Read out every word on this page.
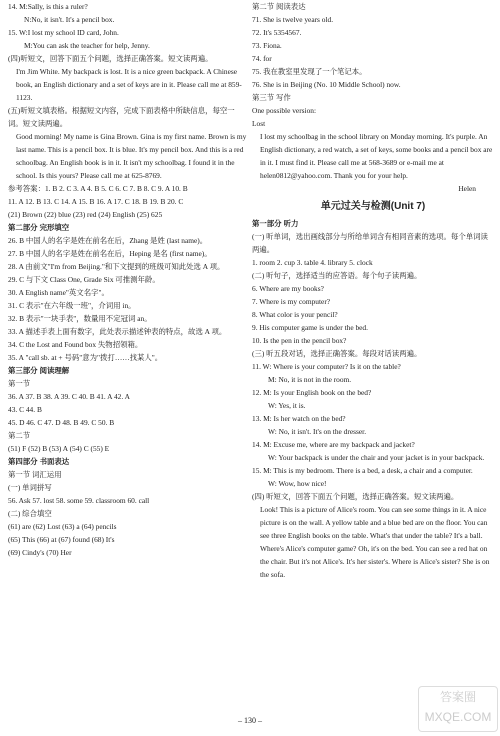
14. M:Sally, is this a ruler?
N:No, it isn't. It's a pencil box.
15. W:I lost my school ID card, John.
M:You can ask the teacher for help, Jenny.
(四)听短文，回答下面五个问题，选择正确答案。短文读两遍。
I'm Jim White. My backpack is lost. It is a nice green backpack. A Chinese book, an English dictionary and a set of keys are in it. Please call me at 859-1123.
(五)听短文填表格。根据短文内容，完成下面表格中所缺信息，每空一词。短文读两遍。
Good morning! My name is Gina Brown. Gina is my first name. Brown is my last name. This is a pencil box. It is blue. It's my pencil box. And this is a red schoolbag. An English book is in it. It isn't my schoolbag. I found it in the school. Is this yours? Please call me at 625-8769.
参考答案：1. B 2. C 3. A 4. B 5. C 6. C 7. B 8. C 9. A 10. B
11. A 12. B 13. C 14. A 15. B 16. A 17. C 18. B 19. B 20. C
(21) Brown (22) blue (23) red (24) English (25) 625
第二部分 完形填空
26. B 中国人的名字是姓在前名在后，Zhang 是姓 (last name)。
27. B 中国人的名字是姓在前名在后，Heping 是名 (first name)。
28. A 由前文"I'm from Beijing."和下文提到的班级可知此处选 A 项。
29. C 与下文 Class One, Grade Six 可推测年龄。
30. A English name"英文名字"。
31. C 表示"在六年级一班"，介词用 in。
32. B 表示"一块手表"，数量用不定冠词 an。
33. A 描述手表上面有数字，此处表示描述钟表的特点，故选 A 项。
34. C the Lost and Found box 失物招领箱。
35. A "call sb. at + 号码"意为"拨打……找某人"。
第三部分 阅读理解
第一节
36. A 37. B 38. A 39. C 40. B 41. A 42. A
43. C 44. B
45. D 46. C 47. D 48. B 49. C 50. B
第二节
(51) F (52) B (53) A (54) C (55) E
第四部分 书面表达
第一节 词汇运用
(一) 单词拼写
56. Ask 57. lost 58. some 59. classroom 60. call
(二) 综合填空
(61) are (62) Lost (63) a (64) pencils
(65) This (66) at (67) found (68) It's
(69) Cindy's (70) Her
第二节 阅读表达
71. She is twelve years old.
72. It's 5354567.
73. Fiona.
74. for
75. 我在教室里发现了一个笔记本。
76. She is in Beijing (No. 10 Middle School) now.
第三节 写作
One possible version:
Lost
I lost my schoolbag in the school library on Monday morning. It's purple. An English dictionary, a red watch, a set of keys, some books and a pencil box are in it. I must find it. Please call me at 568-3689 or e-mail me at helen0812@yahoo.com. Thank you for your help.
Helen
单元过关与检测(Unit 7)
第一部分 听力
(一) 听单词，选出画线部分与所给单词含有相同音素的选项。每个单词读两遍。
1. room 2. cup 3. table 4. library 5. clock
(二) 听句子，选择适当的应答语。每个句子读两遍。
6. Where are my books?
7. Where is my computer?
8. What color is your pencil?
9. His computer game is under the bed.
10. Is the pen in the pencil box?
(三) 听五段对话，选择正确答案。每段对话读两遍。
11. W: Where is your computer? Is it on the table?
M: No, it is not in the room.
12. M: Is your English book on the bed?
W: Yes, it is.
13. M: Is her watch on the bed?
W: No, it isn't. It's on the dresser.
14. M: Excuse me, where are my backpack and jacket?
W: Your backpack is under the chair and your jacket is in your backpack.
15. M: This is my bedroom. There is a bed, a desk, a chair and a computer.
W: Wow, how nice!
(四) 听短文，回答下面五个问题，选择正确答案。短文读两遍。
Look! This is a picture of Alice's room. You can see some things in it. A nice picture is on the wall. A yellow table and a blue bed are on the floor. You can see three English books on the table. What's that under the table? It's a ball. Where's Alice's computer game? Oh, it's on the bed. You can see a red hat on the chair. But it's not Alice's. It's her sister's. Where is Alice's sister? She is on the sofa.
– 130 –
答案圈 MXQE.COM
